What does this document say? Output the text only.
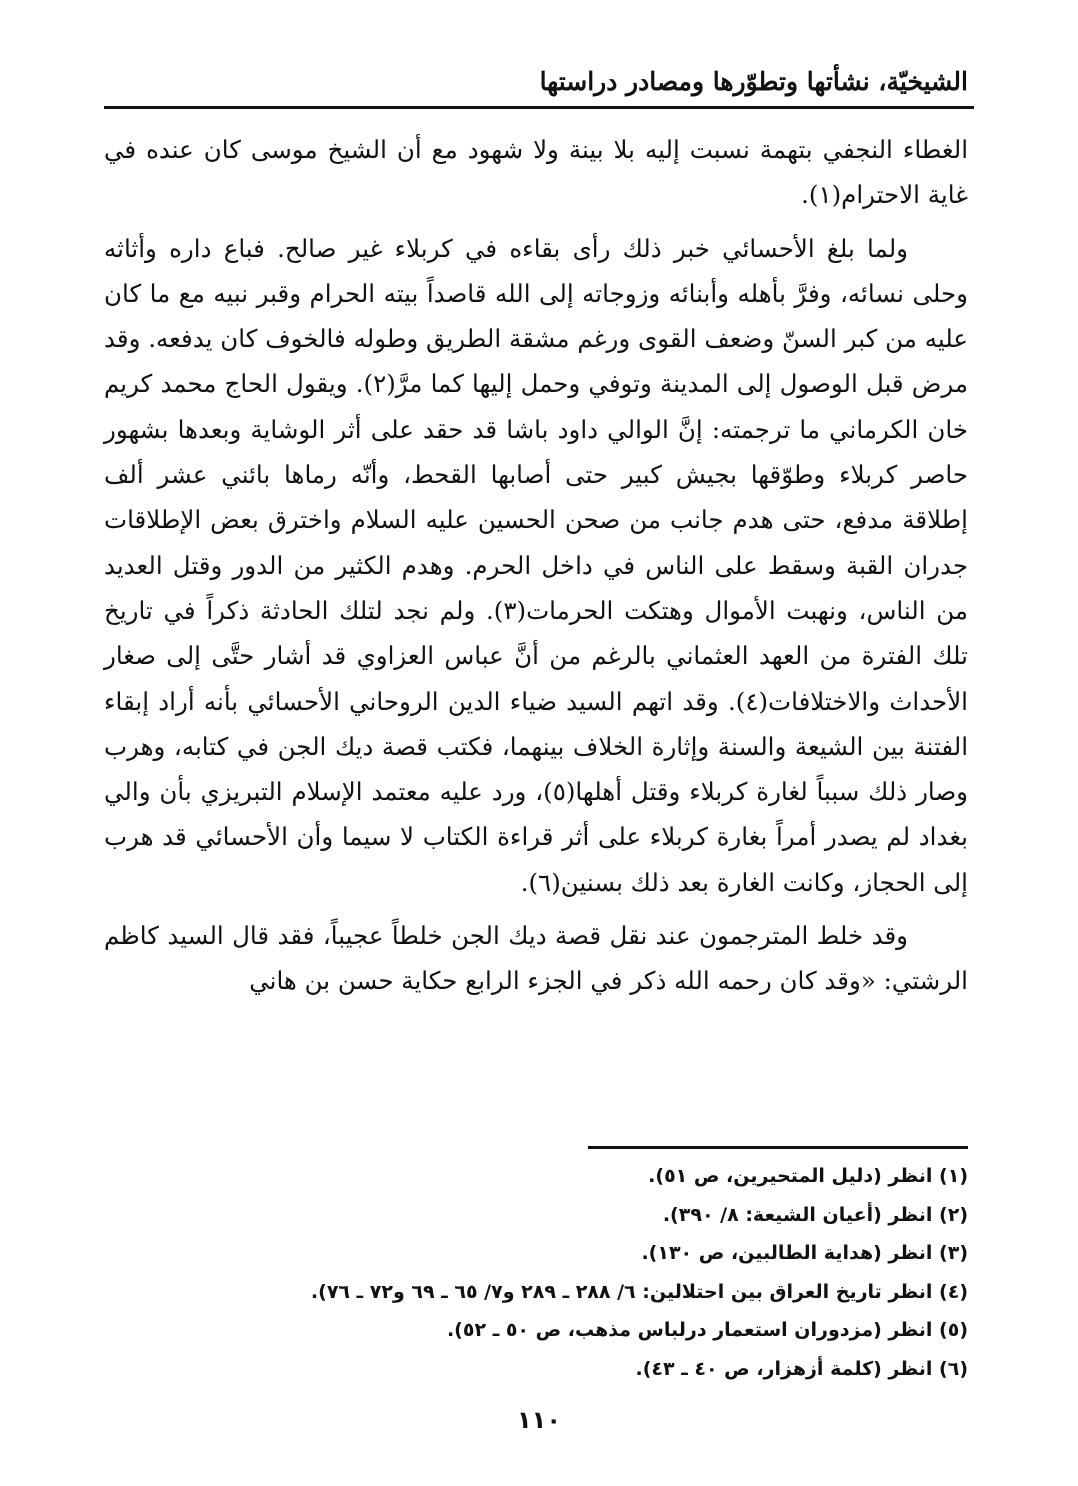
الشيخيّة، نشأتها وتطوّرها ومصادر دراستها

الغطاء النجفي بتهمة نسبت إليه بلا بينة ولا شهود مع أن الشيخ موسى كان عنده في غاية الاحترام(١).

ولما بلغ الأحسائي خبر ذلك رأى بقاءه في كربلاء غير صالح. فباع داره وأثاثه وحلى نسائه، وفرَّ بأهله وأبنائه وزوجاته إلى الله قاصداً بيته الحرام وقبر نبيه مع ما كان عليه من كبر السنّ وضعف القوى ورغم مشقة الطريق وطوله فالخوف كان يدفعه. وقد مرض قبل الوصول إلى المدينة وتوفي وحمل إليها كما مرَّ(٢). ويقول الحاج محمد كريم خان الكرماني ما ترجمته: إنَّ الوالي داود باشا قد حقد على أثر الوشاية وبعدها بشهور حاصر كربلاء وطوّقها بجيش كبير حتى أصابها القحط، وأنّه رماها بائني عشر ألف إطلاقة مدفع، حتى هدم جانب من صحن الحسين عليه السلام واخترق بعض الإطلاقات جدران القبة وسقط على الناس في داخل الحرم. وهدم الكثير من الدور وقتل العديد من الناس، ونهبت الأموال وهتكت الحرمات(٣). ولم نجد لتلك الحادثة ذكراً في تاريخ تلك الفترة من العهد العثماني بالرغم من أنَّ عباس العزاوي قد أشار حتَّى إلى صغار الأحداث والاختلافات(٤). وقد اتهم السيد ضياء الدين الروحاني الأحسائي بأنه أراد إبقاء الفتنة بين الشيعة والسنة وإثارة الخلاف بينهما، فكتب قصة ديك الجن في كتابه، وهرب وصار ذلك سبباً لغارة كربلاء وقتل أهلها(٥)، ورد عليه معتمد الإسلام التبريزي بأن والي بغداد لم يصدر أمراً بغارة كربلاء على أثر قراءة الكتاب لا سيما وأن الأحسائي قد هرب إلى الحجاز، وكانت الغارة بعد ذلك بسنين(٦).

وقد خلط المترجمون عند نقل قصة ديك الجن خلطاً عجيباً، فقد قال السيد كاظم الرشتي: «وقد كان رحمه الله ذكر في الجزء الرابع حكاية حسن بن هاني

(١) انظر (دليل المتحيرين، ص ٥١).

(٢) انظر (أعيان الشيعة: ٨/ ٣٩٠).

(٣) انظر (هداية الطالبين، ص ١٣٠).

(٤) انظر تاريخ العراق بين احتلالين: ٦/ ٢٨٨ ـ ٢٨٩ و٧/ ٦٥ ـ ٦٩ و٧٢ ـ ٧٦).

(٥) انظر (مزدوران استعمار درلباس مذهب، ص ٥٠ ـ ٥٢).

(٦) انظر (كلمة أزهزار، ص ٤٠ ـ ٤٣).

١١٠
